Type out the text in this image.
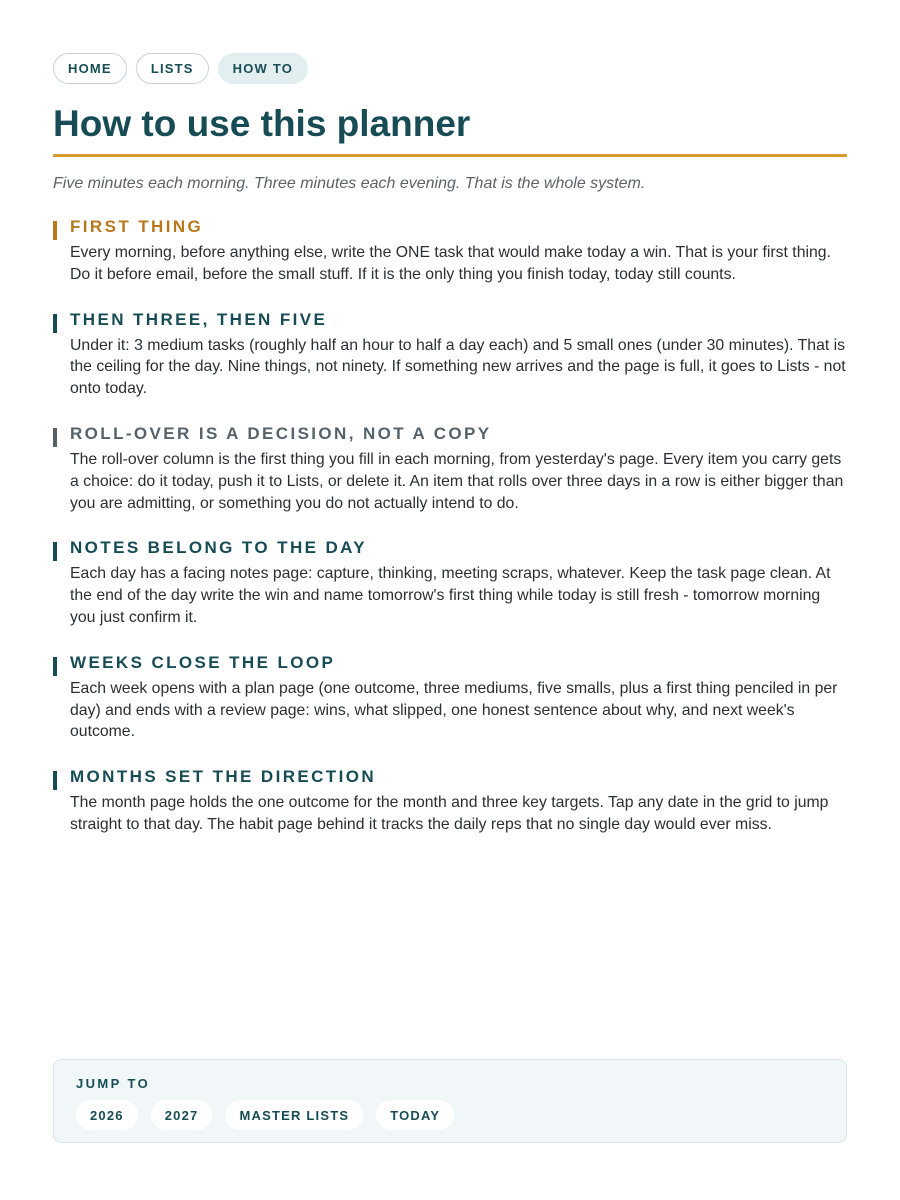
HOME	LISTS	HOW TO
How to use this planner

Five minutes each morning. Three minutes each evening. That is the whole system.

FIRST THING

Every morning, before anything else, write the ONE task that would make today a win. That is your first thing. Do it before email, before the small stuff. If it is the only thing you finish today, today still counts.

THEN THREE, THEN FIVE

Under it: 3 medium tasks (roughly half an hour to half a day each) and 5 small ones (under 30 minutes). That is the ceiling for the day. Nine things, not ninety. If something new arrives and the page is full, it goes to Lists - not onto today.

ROLL-OVER IS A DECISION, NOT A COPY

The roll-over column is the first thing you fill in each morning, from yesterday's page. Every item you carry gets a choice: do it today, push it to Lists, or delete it. An item that rolls over three days in a row is either bigger than you are admitting, or something you do not actually intend to do.

NOTES BELONG TO THE DAY

Each day has a facing notes page: capture, thinking, meeting scraps, whatever. Keep the task page clean. At the end of the day write the win and name tomorrow's first thing while today is still fresh - tomorrow morning you just confirm it.

WEEKS CLOSE THE LOOP

Each week opens with a plan page (one outcome, three mediums, five smalls, plus a first thing penciled in per day) and ends with a review page: wins, what slipped, one honest sentence about why, and next week's outcome.

MONTHS SET THE DIRECTION

The month page holds the one outcome for the month and three key targets. Tap any date in the grid to jump straight to that day. The habit page behind it tracks the daily reps that no single day would ever miss.

JUMP TO
2026	2027	MASTER LISTS	TODAY
